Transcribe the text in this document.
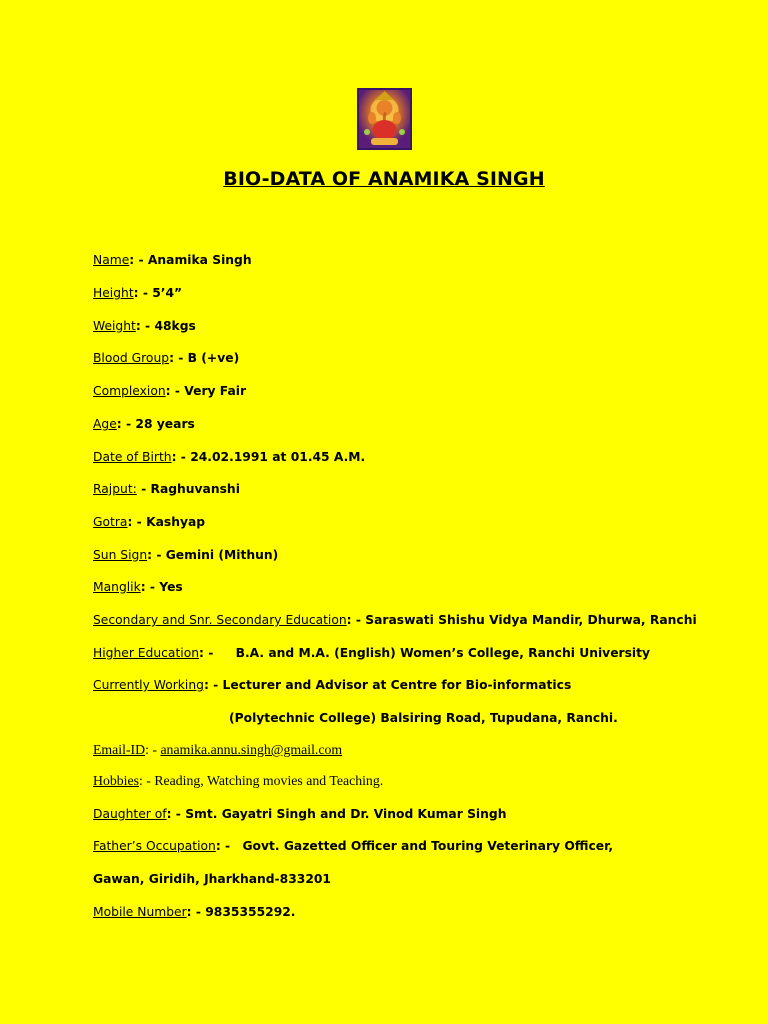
BIO-DATA OF ANAMIKA SINGH
Name: - Anamika Singh
Height: - 5’4”
Weight: - 48kgs
Blood Group: - B (+ve)
Complexion: - Very Fair
Age: - 28 years
Date of Birth: - 24.02.1991 at 01.45 A.M.
Rajput: - Raghuvanshi
Gotra: - Kashyap
Sun Sign: - Gemini (Mithun)
Manglik: - Yes
Secondary and Snr. Secondary Education: - Saraswati Shishu Vidya Mandir, Dhurwa, Ranchi
Higher Education: - B.A. and M.A. (English) Women’s College, Ranchi University
Currently Working: - Lecturer and Advisor at Centre for Bio-informatics
(Polytechnic College) Balsiring Road, Tupudana, Ranchi.
Email-ID: - anamika.annu.singh@gmail.com
Hobbies: - Reading, Watching movies and Teaching.
Daughter of: - Smt. Gayatri Singh and Dr. Vinod Kumar Singh
Father’s Occupation: - Govt. Gazetted Officer and Touring Veterinary Officer,
Gawan, Giridih, Jharkhand-833201
Mobile Number: - 9835355292.
